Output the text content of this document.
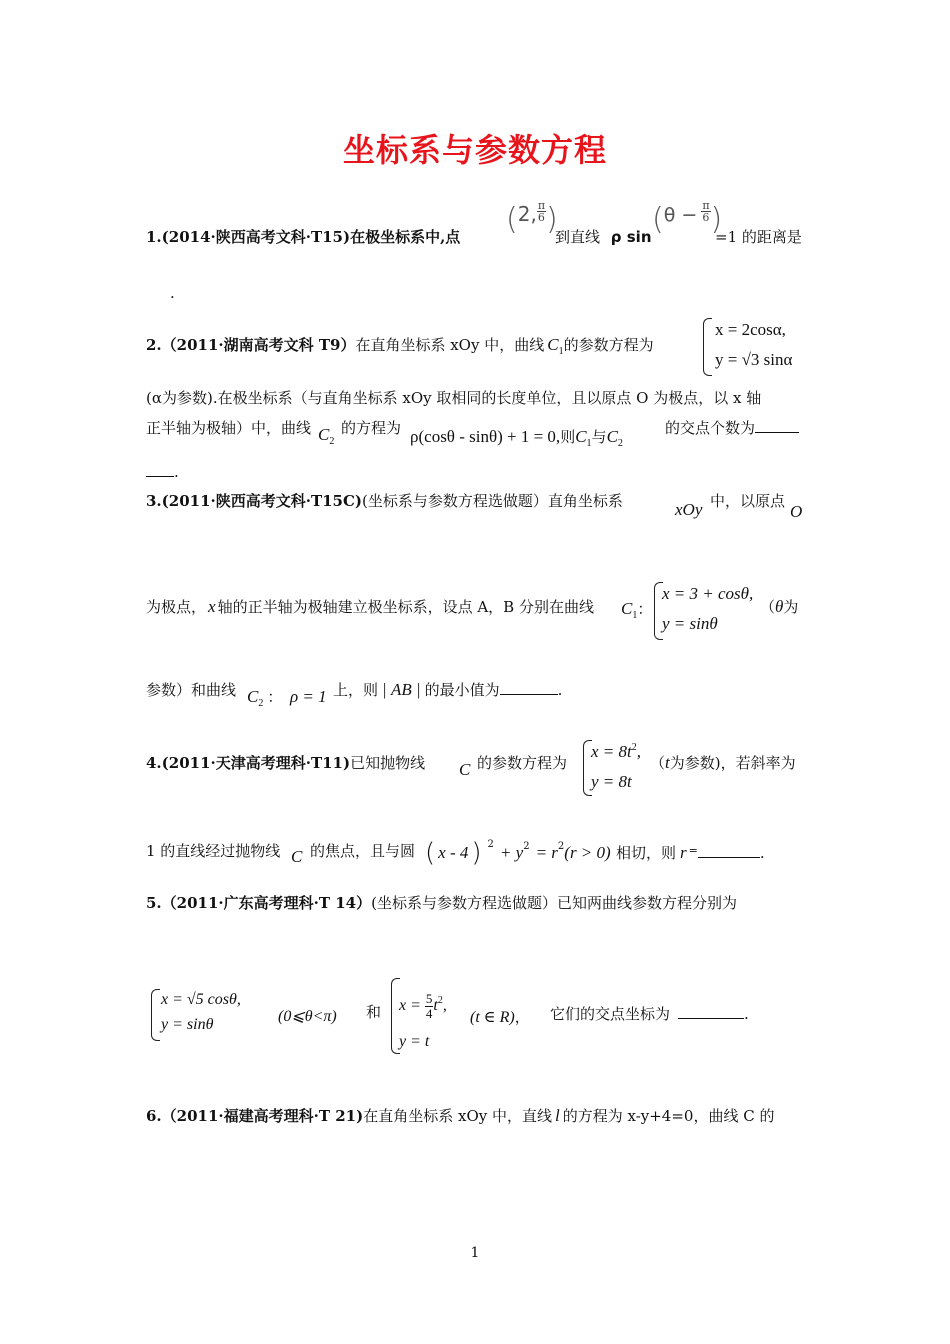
坐标系与参数方程
1.(2014·陕西高考文科·T15)在极坐标系中,点 (2, $\frac{\pi}{6}$ )
到直线 ρ $\sin (\theta - \frac{\pi}{6}$ )
=1 的距离是
.
2.（2011·湖南高考文科 T9）在直角坐标系 xOy 中，曲线 $C_1$的参数方程为
x = 2cosα,
y = √3 sinα
(α为参数).在极坐标系（与直角坐标系 xOy 取相同的长度单位，且以原点 O 为极点，以 x 轴
正半轴为极轴）中，曲线 $C_2$
的方程为 ρ(cosθ - sinθ) + 1 = 0,则$C_1$与$C_2$
的交点个数为
.
3.(2011·陕西高考文科·T15C)(坐标系与参数方程选做题）直角坐标系	xOy 中，以原点
O
为极点， x 轴的正半轴为极轴建立极坐标系，设点 A，B 分别在曲线 $C_1$：
x = 3 + cosθ,
y = sinθ
（θ为
参数）和曲线 $C_2$ ： ρ = 1 上，则 | AB | 的最小值为	.
4.(2011·天津高考理科·T11)已知抛物线 C 的参数方程为
$x = 8t^2$,
y = 8t
（t为参数)，若斜率为
1 的直线经过抛物线 C 的焦点，且与圆 ( x - 4 ) $^2 + y^2 = r^2(r > 0)$ 相切，则 r =	.
5.（2011·广东高考理科·T 14）(坐标系与参数方程选做题）已知两曲线参数方程分别为
x = √5 cosθ,
y = sinθ	(0⩽θ<π) 和 $x = \frac{5}{4} t^2$,
y = t
(t ∈ R)， 它们的交点坐标为	.
6.（2011·福建高考理科·T 21)在直角坐标系 xOy 中，直线 l 的方程为 x-y+4=0，曲线 C 的
1
